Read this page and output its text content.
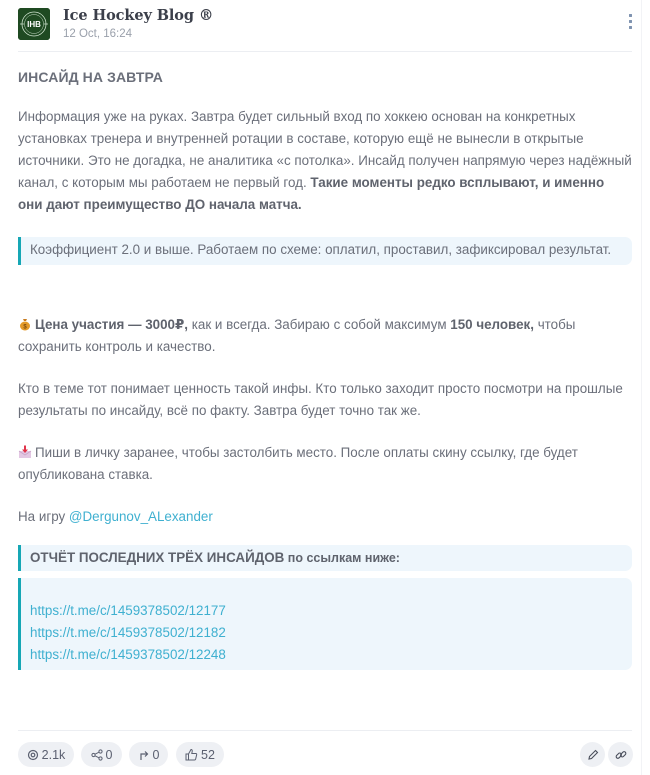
IHB
Ice Hockey Blog ®
12 Oct, 16:24
ИНСАЙД НА ЗАВТРА

Информация уже на руках. Завтра будет сильный вход по хоккею основан на конкретных установках тренера и внутренней ротации в составе, которую ещё не вынесли в открытые источники. Это не догадка, не аналитика «с потолка». Инсайд получен напрямую через надёжный канал, с которым мы работаем не первый год. Такие моменты редко всплывают, и именно они дают преимущество ДО начала матча.

Коэффициент 2.0 и выше. Работаем по схеме: оплатил, проставил, зафиксировал результат.

$ Цена участия — 3000₽, как и всегда. Забираю с собой максимум 150 человек, чтобы сохранить контроль и качество.

Кто в теме тот понимает ценность такой инфы. Кто только заходит просто посмотри на прошлые результаты по инсайду, всё по факту. Завтра будет точно так же.

Пиши в личку заранее, чтобы застолбить место. После оплаты скину ссылку, где будет опубликована ставка.

На игру @Dergunov_ALexander

ОТЧЁТ ПОСЛЕДНИХ ТРЁХ ИНСАЙДОВ по ссылкам ниже:
https://t.me/c/1459378502/12177
https://t.me/c/1459378502/12182
https://t.me/c/1459378502/12248
2.1k	0	0	52
